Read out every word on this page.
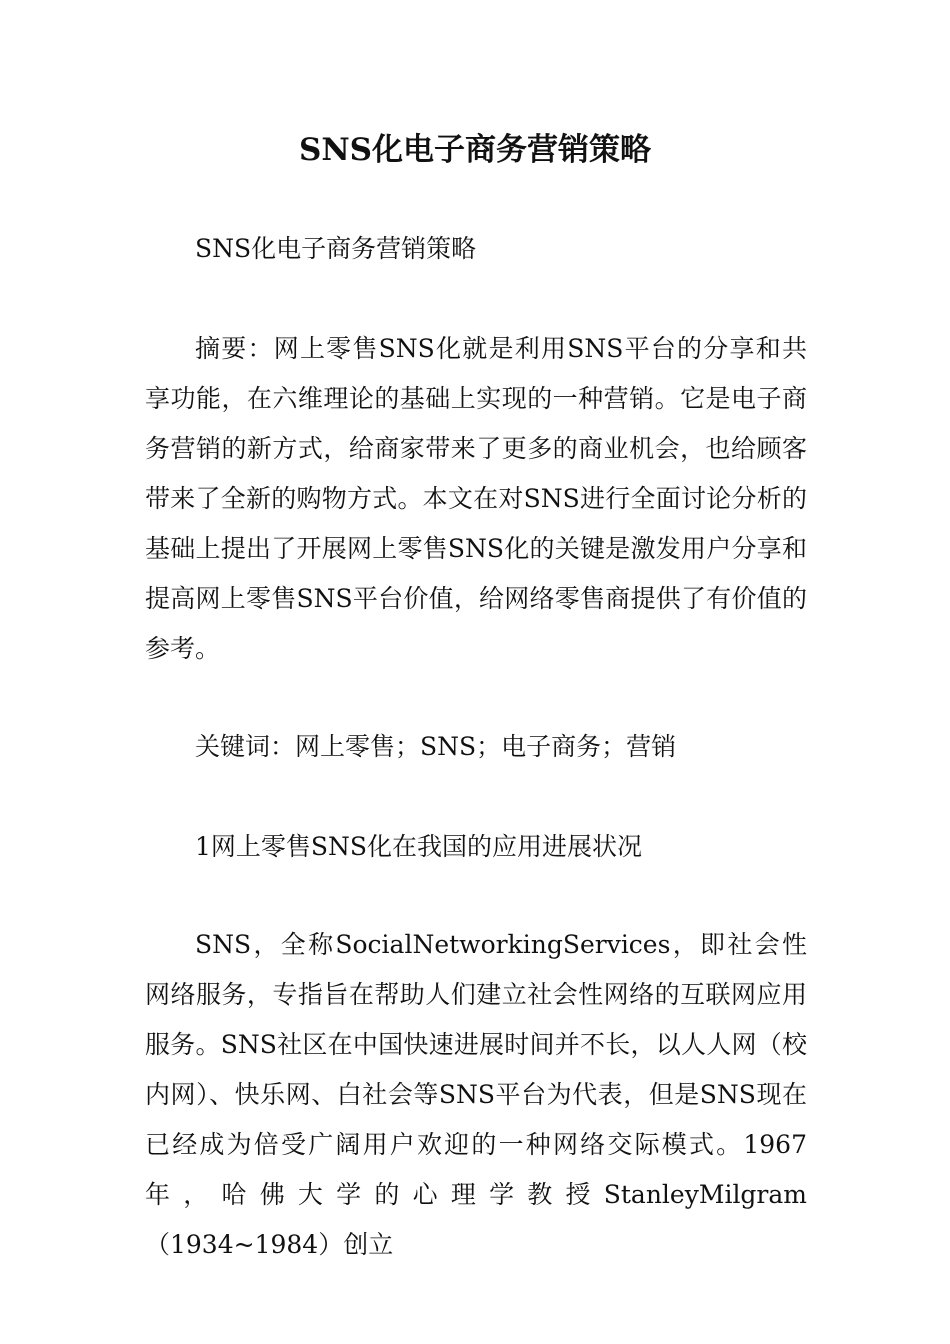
SNS化电子商务营销策略

SNS化电子商务营销策略

摘要：网上零售SNS化就是利用SNS平台的分享和共享功能，在六维理论的基础上实现的一种营销。它是电子商务营销的新方式，给商家带来了更多的商业机会，也给顾客带来了全新的购物方式。本文在对SNS进行全面讨论分析的基础上提出了开展网上零售SNS化的关键是激发用户分享和提高网上零售SNS平台价值，给网络零售商提供了有价值的参考。

关键词：网上零售；SNS；电子商务；营销

1网上零售SNS化在我国的应用进展状况

SNS，全称SocialNetworkingServices，即社会性网络服务，专指旨在帮助人们建立社会性网络的互联网应用服务。SNS社区在中国快速进展时间并不长，以人人网（校内网）、快乐网、白社会等SNS平台为代表，但是SNS现在已经成为倍受广阔用户欢迎的一种网络交际模式。1967年，哈佛大学的心理学教授StanleyMilgram（1934~1984）创立
